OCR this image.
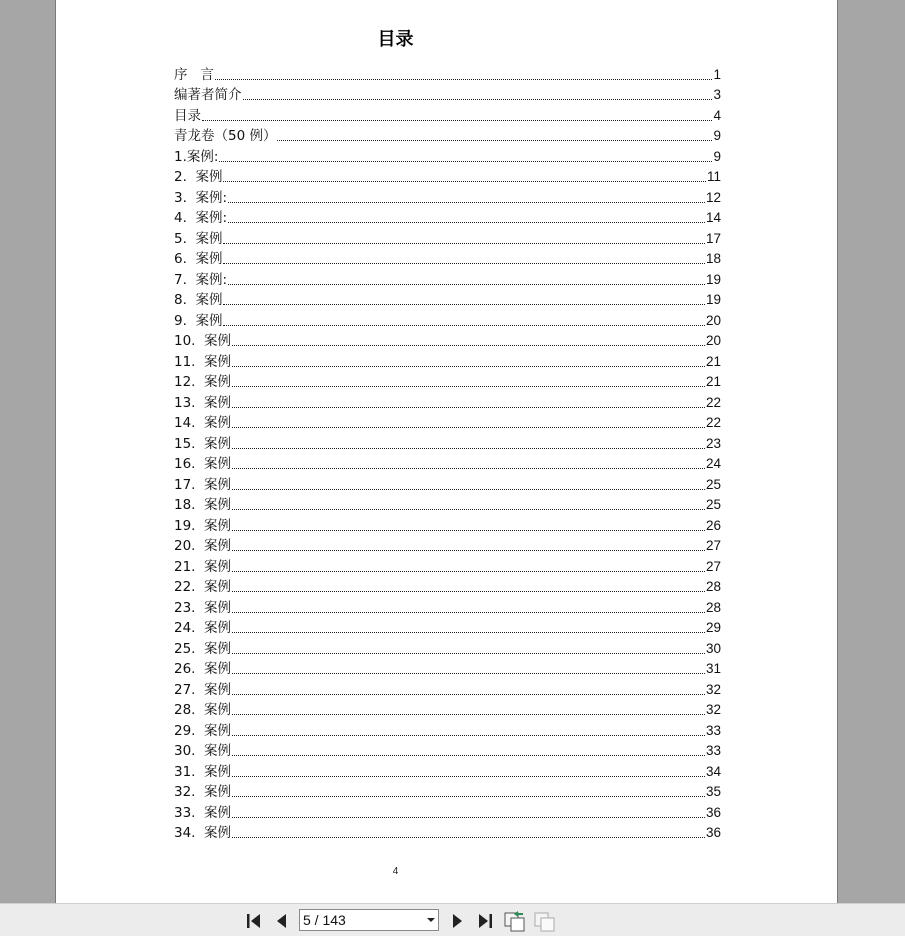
目录
序   言	1
编著者简介	3
目录	4
青龙卷（50 例）	9
1.案例:	9
2.  案例	11
3.  案例:	12
4.  案例:	14
5.  案例	17
6.  案例	18
7.  案例:	19
8.  案例	19
9.  案例	20
10.  案例	20
11.  案例	21
12.  案例	21
13.  案例	22
14.  案例	22
15.  案例	23
16.  案例	24
17.  案例	25
18.  案例	25
19.  案例	26
20.  案例	27
21.  案例	27
22.  案例	28
23.  案例	28
24.  案例	29
25.  案例	30
26.  案例	31
27.  案例	32
28.  案例	32
29.  案例	33
30.  案例	33
31.  案例	34
32.  案例	35
33.  案例	36
34.  案例	36
4
5 / 143
